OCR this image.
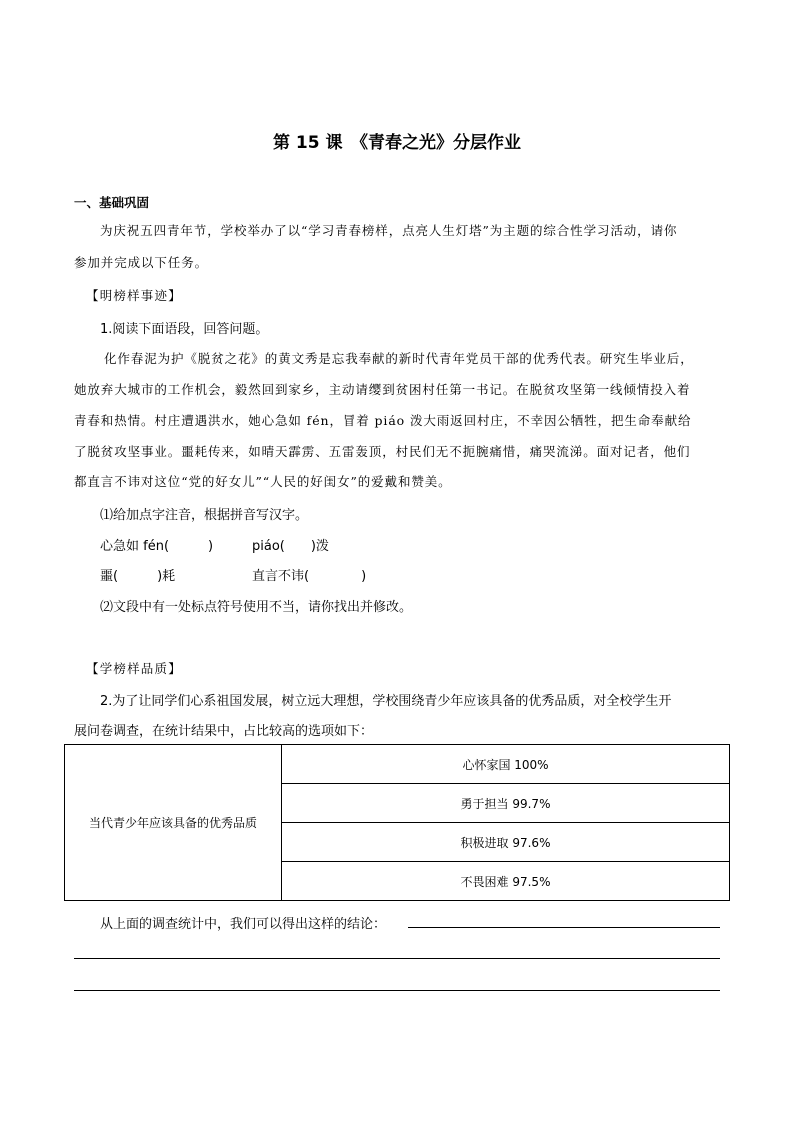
第 15 课　《青春之光》分层作业
一、基础巩固
为庆祝五四青年节，学校举办了以“学习青春榜样，点亮人生灯塔”为主题的综合性学习活动，请你
参加并完成以下任务。
【明榜样事迹】
1.阅读下面语段，回答问题。
化作春泥为护《脱贫之花》的黄文秀是忘我奉献的新时代青年党员干部的优秀代表。研究生毕业后，
她放弃大城市的工作机会，毅然回到家乡，主动请缨到贫困村任第一书记。在脱贫攻坚第一线倾情投入着
青春和热情。村庄遭遇洪水，她心急如 fén，冒着 piáo 泼大雨返回村庄，不幸因公牺牲，把生命奉献给
了脱贫攻坚事业。噩耗传来，如晴天霹雳、五雷轰顶，村民们无不扼腕痛惜，痛哭流涕。面对记者，他们
都直言不讳对这位“党的好女儿”“人民的好闺女”的爱戴和赞美。
⑴给加点字注音，根据拼音写汉字。
心急如 fén(　　　)	piáo(　　)泼
噩(　　　)耗	直言不讳(　　　　)
⑵文段中有一处标点符号使用不当，请你找出并修改。
【学榜样品质】
2.为了让同学们心系祖国发展，树立远大理想，学校围绕青少年应该具备的优秀品质，对全校学生开
展问卷调查，在统计结果中，占比较高的选项如下：
当代青少年应该具备的优秀品质	心怀家国 100%
勇于担当 99.7%
积极进取 97.6%
不畏困难 97.5%
从上面的调查统计中，我们可以得出这样的结论：
